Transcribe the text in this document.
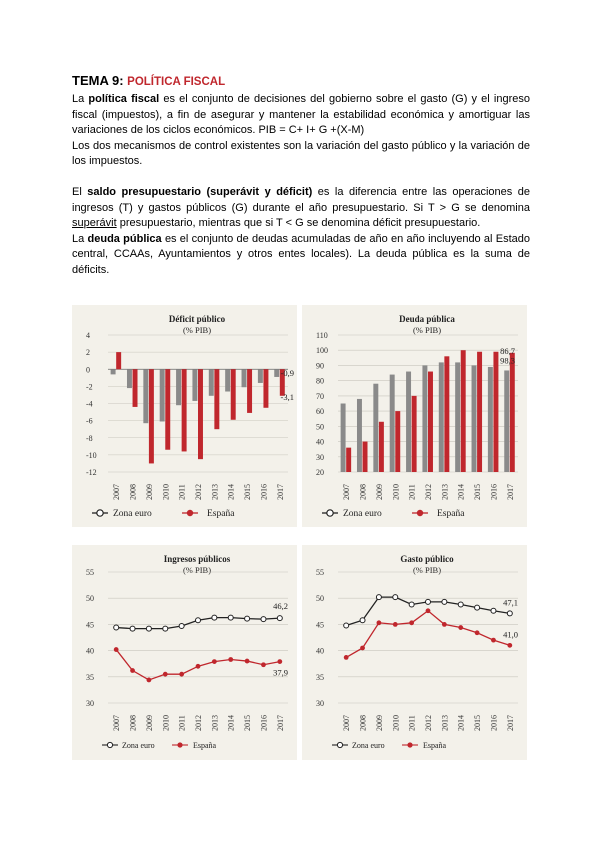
TEMA 9: POLÍTICA FISCAL

La política fiscal es el conjunto de decisiones del gobierno sobre el gasto (G) y el ingreso fiscal (impuestos), a fin de asegurar y mantener la estabilidad económica y amortiguar las variaciones de los ciclos económicos. PIB = C+ I+ G +(X-M)

Los dos mecanismos de control existentes son la variación del gasto público y la variación de los impuestos.

El saldo presupuestario (superávit y déficit) es la diferencia entre las operaciones de ingresos (T) y gastos públicos (G) durante el año presupuestario. Si T > G se denomina superávit presupuestario, mientras que si T < G se denomina déficit presupuestario.

La deuda pública es el conjunto de deudas acumuladas de año en año incluyendo al Estado central, CCAAs, Ayuntamientos y otros entes locales). La deuda pública es la suma de déficits.

Déficit público
(% PIB)
4
2
0
-2
-4
-6
-8
-10
-12
2007 2008 2009 2010 2011 2012 2013 2014 2015 2016 2017
-0,9
-3,1
Zona euro	España
Deuda pública
(% PIB)
110
100
90
80
70
60
50
40
30
20
2007 2008 2009 2010 2011 2012 2013 2014 2015 2016 2017
98,3
86,7
Zona euro	España
Ingresos públicos
(% PIB)
55
50
45
40
35
30
2007 2008 2009 2010 2011 2012 2013 2014 2015 2016 2017
46,2
37,9
Zona euro	España
Gasto público
(% PIB)
55
50
45
40
35
30
2007 2008 2009 2010 2011 2012 2013 2014 2015 2016 2017
47,1
41,0
Zona euro	España
